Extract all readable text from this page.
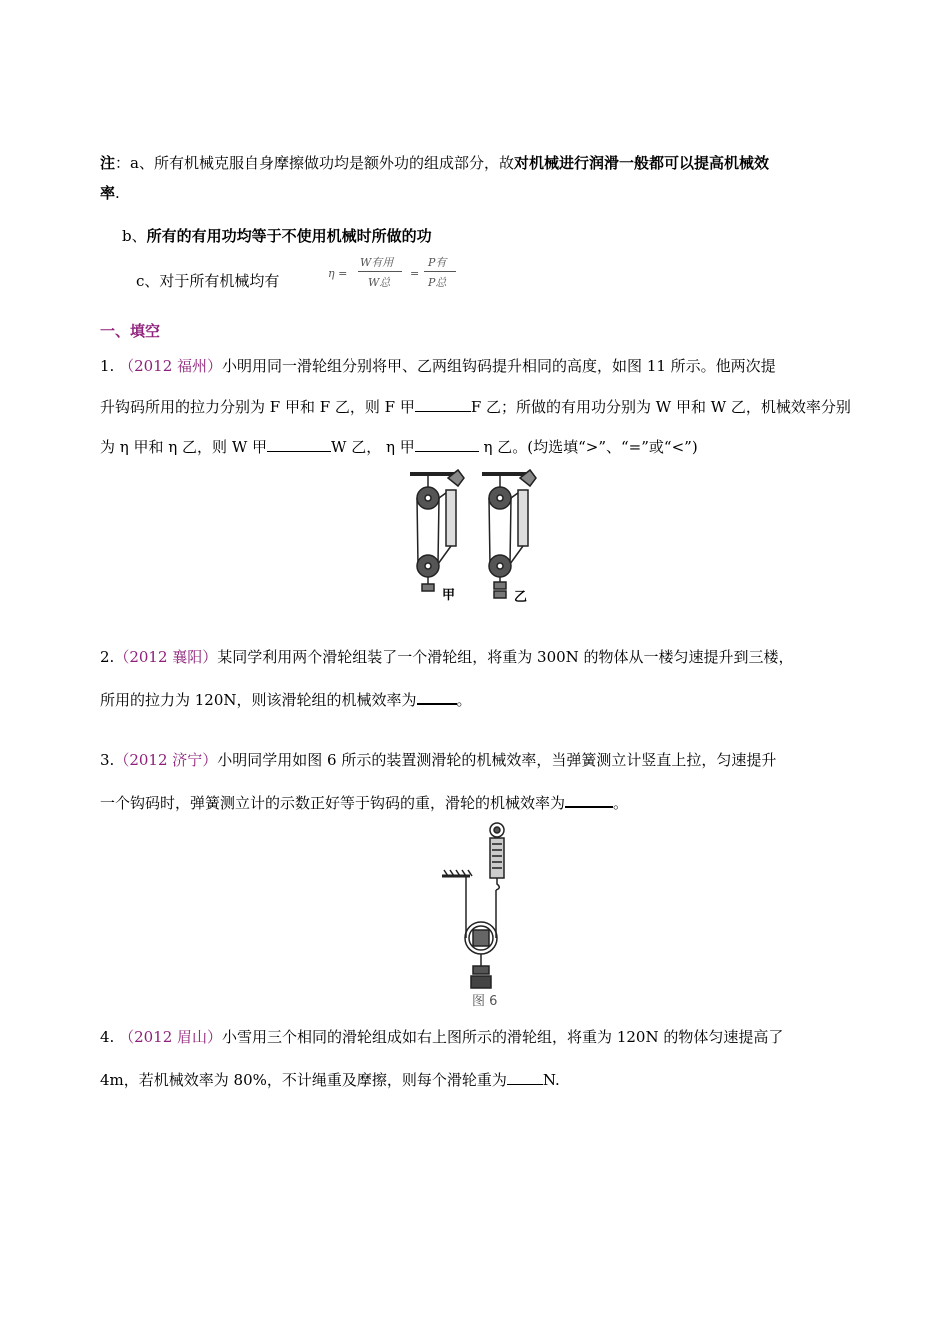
注：a、所有机械克服自身摩擦做功均是额外功的组成部分，故对机械进行润滑一般都可以提高机械效
率.
b、所有的有用功均等于不使用机械时所做的功
c、对于所有机械均有	η =
W有用
W总
=
P有
P总
一、填空
1. （2012 福州）小明用同一滑轮组分别将甲、乙两组钩码提升相同的高度，如图 11 所示。他两次提
升钩码所用的拉力分别为 F 甲和 F 乙，则 F 甲	F 乙；所做的有用功分别为 W 甲和 W 乙，机械效率分别
为 η 甲和 η 乙，则 W 甲	W 乙， η 甲	η 乙。(均选填“>”、“=”或“<”)
甲	乙
2.（2012 襄阳）某同学利用两个滑轮组装了一个滑轮组，将重为 300N 的物体从一楼匀速提升到三楼，
所用的拉力为 120N，则该滑轮组的机械效率为	。
3.（2012 济宁）小明同学用如图 6 所示的装置测滑轮的机械效率，当弹簧测立计竖直上拉，匀速提升
一个钩码时，弹簧测立计的示数正好等于钩码的重，滑轮的机械效率为	。
图 6
4. （2012 眉山）小雪用三个相同的滑轮组成如右上图所示的滑轮组，将重为 120N 的物体匀速提高了
4m，若机械效率为 80%，不计绳重及摩擦，则每个滑轮重为 N.
